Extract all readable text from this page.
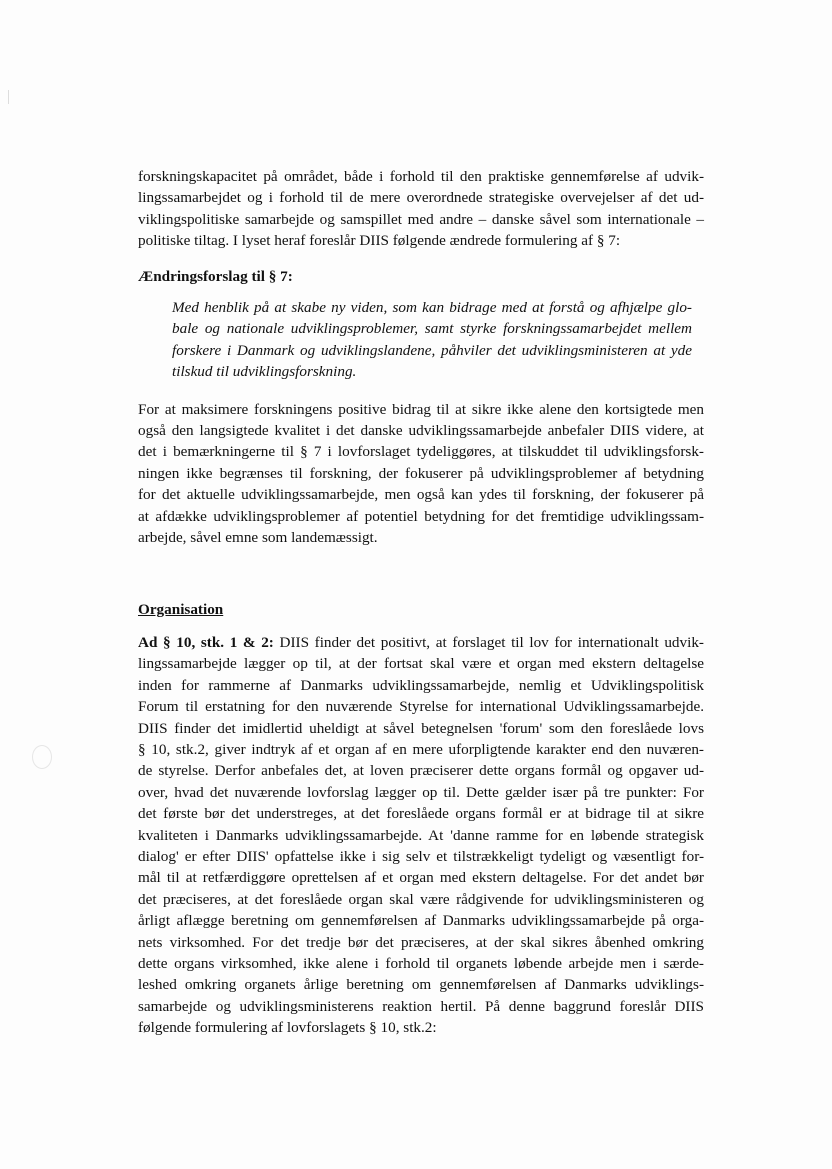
forskningskapacitet på området, både i forhold til den praktiske gennemførelse af udvik-
lingssamarbejdet og i forhold til de mere overordnede strategiske overvejelser af det ud-
viklingspolitiske samarbejde og samspillet med andre – danske såvel som internationale –
politiske tiltag. I lyset heraf foreslår DIIS følgende ændrede formulering af § 7:
Ændringsforslag til § 7:
Med henblik på at skabe ny viden, som kan bidrage med at forstå og afhjælpe glo-
bale og nationale udviklingsproblemer, samt styrke forskningssamarbejdet mellem
forskere i Danmark og udviklingslandene, påhviler det udviklingsministeren at yde
tilskud til udviklingsforskning.
For at maksimere forskningens positive bidrag til at sikre ikke alene den kortsigtede men
også den langsigtede kvalitet i det danske udviklingssamarbejde anbefaler DIIS videre, at
det i bemærkningerne til § 7 i lovforslaget tydeliggøres, at tilskuddet til udviklingsforsk-
ningen ikke begrænses til forskning, der fokuserer på udviklingsproblemer af betydning
for det aktuelle udviklingssamarbejde, men også kan ydes til forskning, der fokuserer på
at afdække udviklingsproblemer af potentiel betydning for det fremtidige udviklingssam-
arbejde, såvel emne som landemæssigt.
Organisation
Ad § 10, stk. 1 & 2: DIIS finder det positivt, at forslaget til lov for internationalt udvik-
lingssamarbejde lægger op til, at der fortsat skal være et organ med ekstern deltagelse
inden for rammerne af Danmarks udviklingssamarbejde, nemlig et Udviklingspolitisk
Forum til erstatning for den nuværende Styrelse for international Udviklingssamarbejde.
DIIS finder det imidlertid uheldigt at såvel betegnelsen 'forum' som den foreslåede lovs
§ 10, stk.2, giver indtryk af et organ af en mere uforpligtende karakter end den nuværen-
de styrelse. Derfor anbefales det, at loven præciserer dette organs formål og opgaver ud-
over, hvad det nuværende lovforslag lægger op til. Dette gælder især på tre punkter: For
det første bør det understreges, at det foreslåede organs formål er at bidrage til at sikre
kvaliteten i Danmarks udviklingssamarbejde. At 'danne ramme for en løbende strategisk
dialog' er efter DIIS' opfattelse ikke i sig selv et tilstrækkeligt tydeligt og væsentligt for-
mål til at retfærdiggøre oprettelsen af et organ med ekstern deltagelse. For det andet bør
det præciseres, at det foreslåede organ skal være rådgivende for udviklingsministeren og
årligt aflægge beretning om gennemførelsen af Danmarks udviklingssamarbejde på orga-
nets virksomhed. For det tredje bør det præciseres, at der skal sikres åbenhed omkring
dette organs virksomhed, ikke alene i forhold til organets løbende arbejde men i særde-
leshed omkring organets årlige beretning om gennemførelsen af Danmarks udviklings-
samarbejde og udviklingsministerens reaktion hertil. På denne baggrund foreslår DIIS
følgende formulering af lovforslagets § 10, stk.2:
